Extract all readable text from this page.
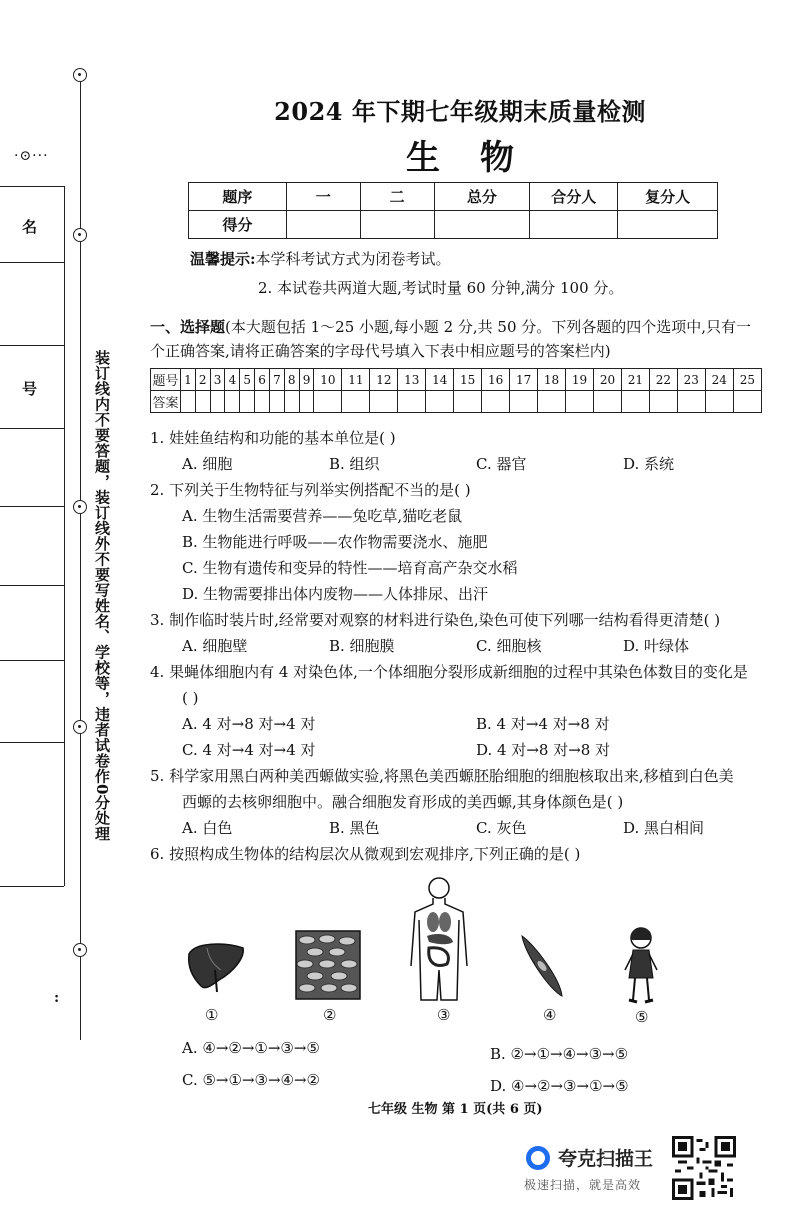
·⊙···
名
号	装订线内不要答题，装订线外不要写姓名、学校等，违者试卷作0分处理
:
2024 年下期七年级期末质量检测
生物
题序	一	二	总分	合分人	复分人
得分					
温馨提示:本学科考试方式为闭卷考试。
2. 本试卷共两道大题,考试时量 60 分钟,满分 100 分。
一、选择题(本大题包括 1～25 小题,每小题 2 分,共 50 分。下列各题的四个选项中,只有一个正确答案,请将正确答案的字母代号填入下表中相应题号的答案栏内)
题号	1	2	3	4	5	6	7	8	9	10	11	12	13	14	15	16	17	18	19	20	21	22	23	24	25
答案																									
1. 娃娃鱼结构和功能的基本单位是( )
A. 细胞	B. 组织	C. 器官	D. 系统
2. 下列关于生物特征与列举实例搭配不当的是( )
A. 生物生活需要营养——兔吃草,猫吃老鼠
B. 生物能进行呼吸——农作物需要浇水、施肥
C. 生物有遗传和变异的特性——培育高产杂交水稻
D. 生物需要排出体内废物——人体排尿、出汗
3. 制作临时装片时,经常要对观察的材料进行染色,染色可使下列哪一结构看得更清楚( )
A. 细胞壁	B. 细胞膜	C. 细胞核	D. 叶绿体
4. 果蝇体细胞内有 4 对染色体,一个体细胞分裂形成新细胞的过程中其染色体数目的变化是
( )
A. 4 对→8 对→4 对	B. 4 对→4 对→8 对
C. 4 对→4 对→4 对	D. 4 对→8 对→8 对
5. 科学家用黑白两种美西螈做实验,将黑色美西螈胚胎细胞的细胞核取出来,移植到白色美
西螈的去核卵细胞中。融合细胞发育形成的美西螈,其身体颜色是( )
A. 白色	B. 黑色	C. 灰色	D. 黑白相间
6. 按照构成生物体的结构层次从微观到宏观排序,下列正确的是( )
①	②	③	④	⑤
A. ④→②→①→③→⑤	B. ②→①→④→③→⑤
C. ⑤→①→③→④→②	D. ④→②→③→①→⑤
七年级 生物 第 1 页(共 6 页)
夸克扫描王
极速扫描，就是高效
